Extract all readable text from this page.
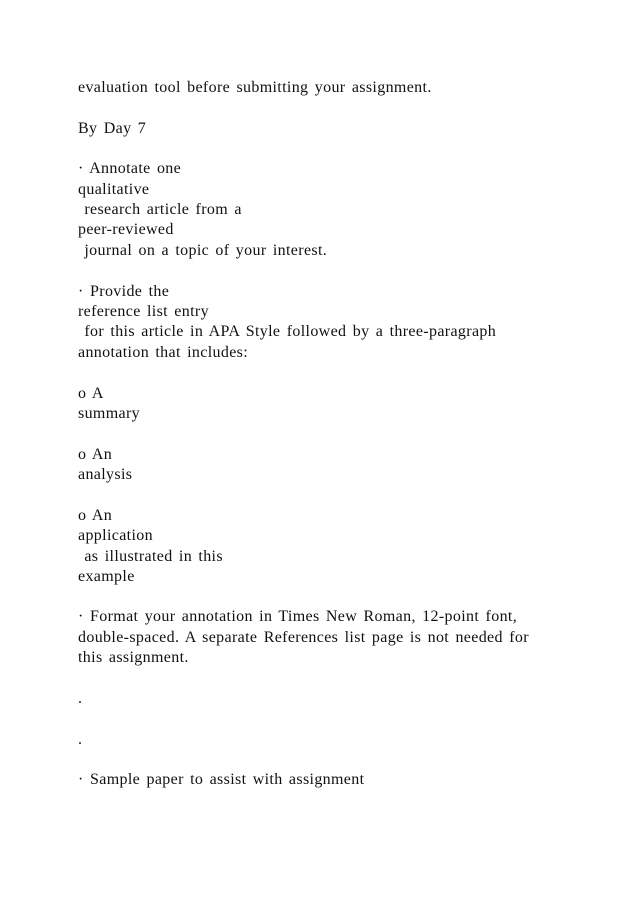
evaluation tool before submitting your assignment.
By Day 7
· Annotate one
qualitative
research article from a
peer-reviewed
journal on a topic of your interest.
· Provide the
reference list entry
for this article in APA Style followed by a three-paragraph
annotation that includes:
o A
summary
o An
analysis
o An
application
as illustrated in this
example
· Format your annotation in Times New Roman, 12-point font,
double-spaced. A separate References list page is not needed for
this assignment.
.
.
· Sample paper to assist with assignment
